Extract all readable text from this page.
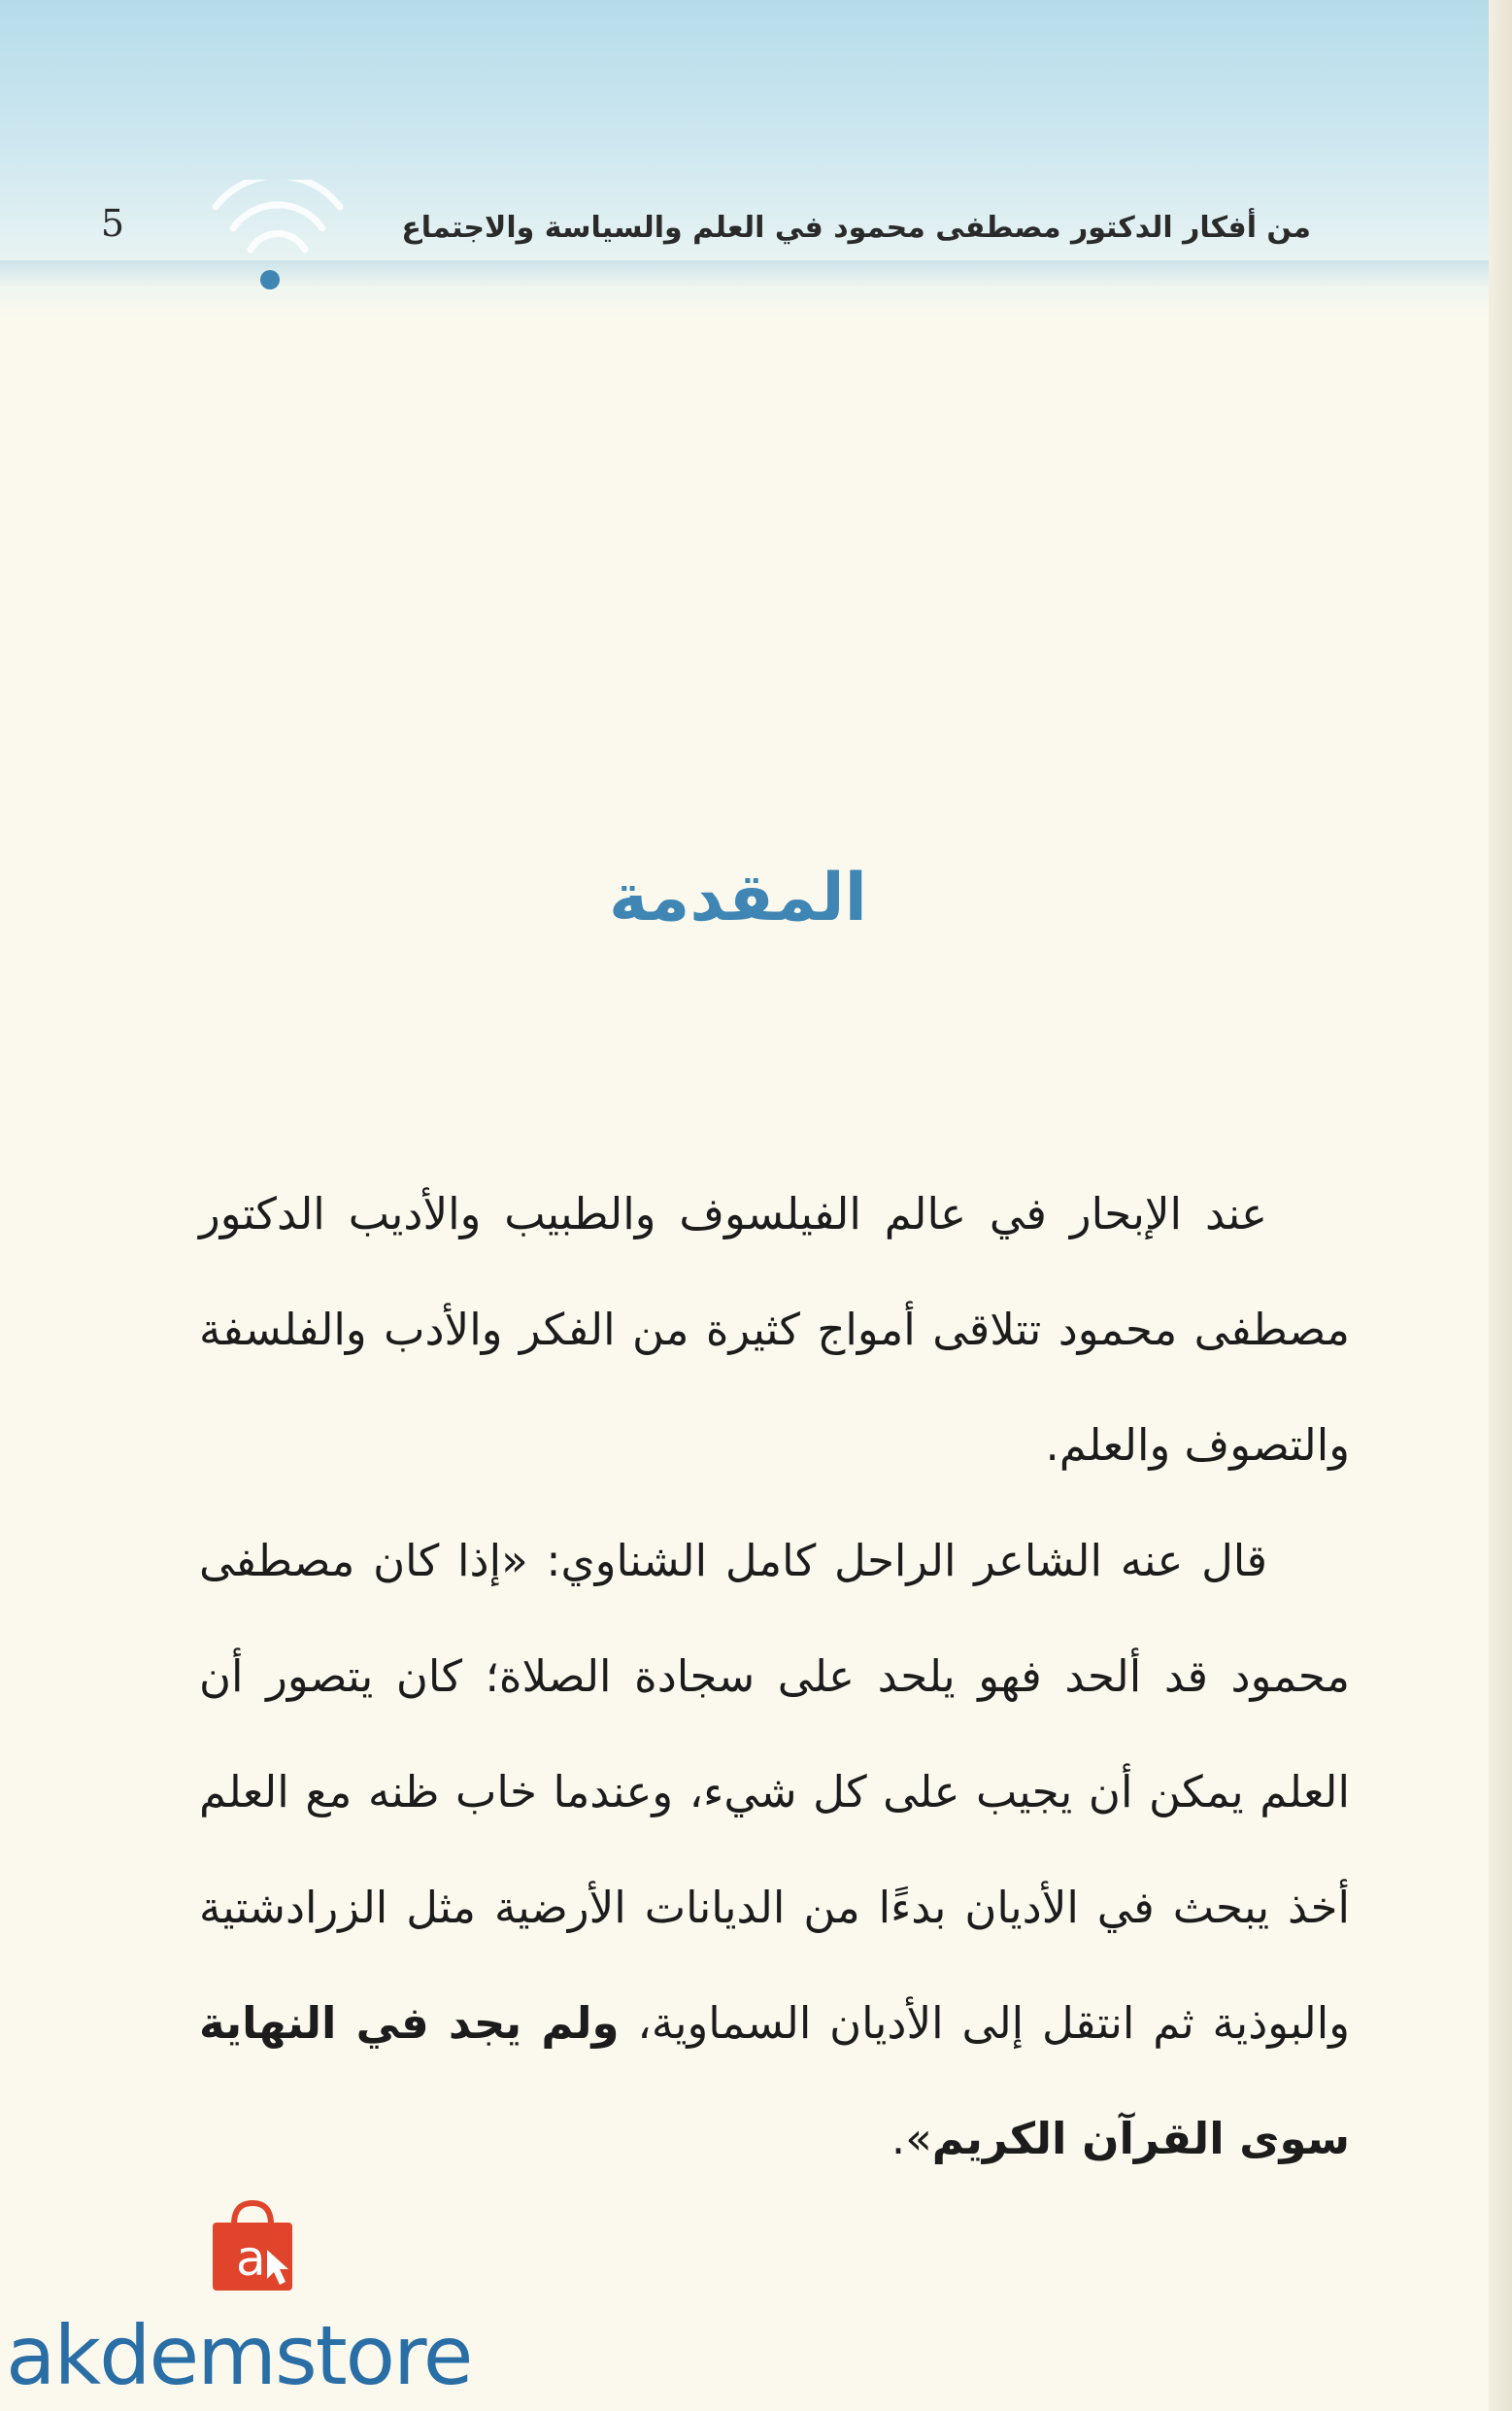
من أفكار الدكتور مصطفى محمود في العلم والسياسة والاجتماع
5
المقدمة

عند الإبحار في عالم الفيلسوف والطبيب والأديب الدكتور مصطفى محمود تتلاقى أمواج كثيرة من الفكر والأدب والفلسفة والتصوف والعلم.

قال عنه الشاعر الراحل كامل الشناوي: «إذا كان مصطفى محمود قد ألحد فهو يلحد على سجادة الصلاة؛ كان يتصور أن العلم يمكن أن يجيب على كل شيء، وعندما خاب ظنه مع العلم أخذ يبحث في الأديان بدءًا من الديانات الأرضية مثل الزرادشتية والبوذية ثم انتقل إلى الأديان السماوية، ولم يجد في النهاية سوى القرآن الكريم».

a
akdemstore
